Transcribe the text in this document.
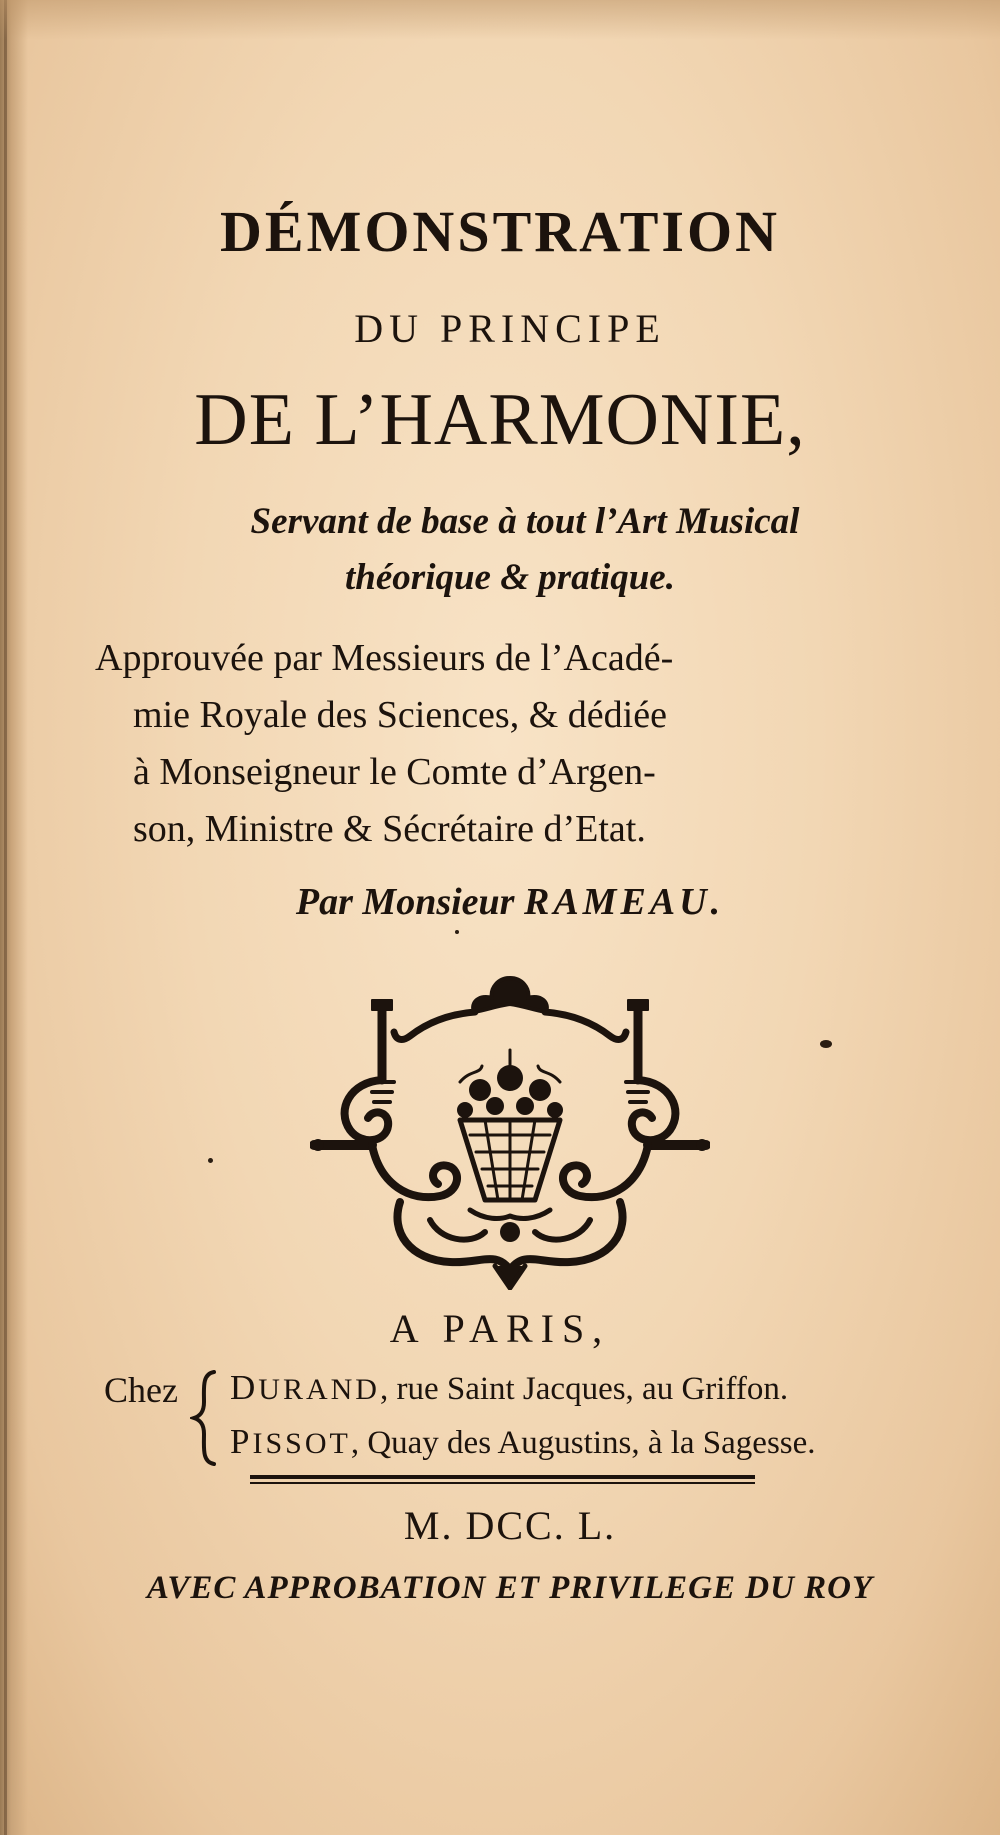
DÉMONSTRATION
DU PRINCIPE
DE L’HARMONIE,
Servant de base à tout l’Art Musical
théorique & pratique.
Approuvée par Messieurs de l’Acadé-
mie Royale des Sciences, & dédiée
à Monseigneur le Comte d’Argen-
son, Ministre & Sécrétaire d’Etat.
Par Monsieur RAMEAU.
A PARIS,
Chez DURAND, rue Saint Jacques, au Griffon.
PISSOT, Quay des Augustins, à la Sagesse.
M. DCC. L.
AVEC APPROBATION ET PRIVILEGE DU ROY
